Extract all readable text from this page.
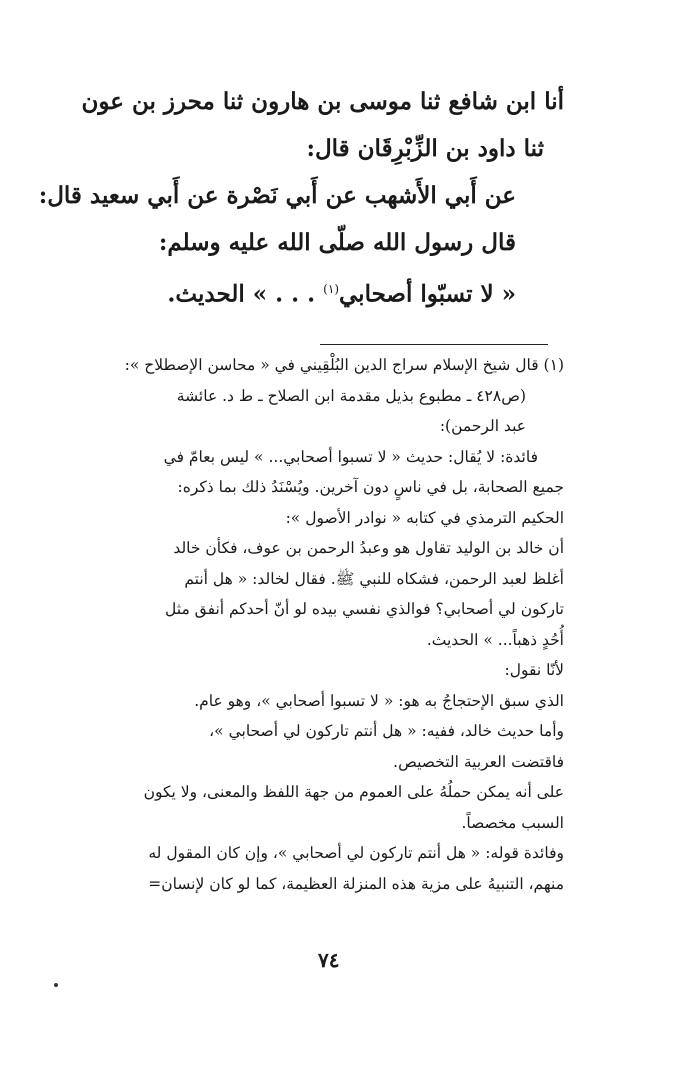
أنا ابن شافع ثنا موسى بن هارون ثنا محرز بن عون
ثنا داود بن الزِّبْرِقَان قال:
عن أَبي الأَشهب عن أَبي نَصْرة عن أَبي سعيد قال:
قال رسول الله صلّى الله عليه وسلم:
« لا تسبّوا أصحابي$^{(١)}$ . . . » الحديث.
(١) قال شيخ الإسلام سراج الدين البُلْقِيني في « محاسن الإصطلاح »:
(ص٤٢٨ ـ مطبوع بذيل مقدمة ابن الصلاح ـ ط د. عائشة
عبد الرحمن):
فائدة: لا يُقال: حديث « لا تسبوا أصحابي... » ليس بعامّ في
جميع الصحابة، بل في ناسٍ دون آخرين. ويُسْنَدُ ذلك بما ذكره:
الحكيم الترمذي في كتابه « نوادر الأصول »:
أن خالد بن الوليد تقاول هو وعبدُ الرحمن بن عوف، فكأن خالد
أغلظ لعبد الرحمن، فشكاه للنبي ﷺ. فقال لخالد: « هل أنتم
تاركون لي أصحابي؟ فوالذي نفسي بيده لو أنّ أحدكم أنفق مثل
أُحُدٍ ذهباً... » الحديث.
لأنّا نقول:
الذي سبق الإحتجاجُ به هو: « لا تسبوا أصحابي »، وهو عام.
وأما حديث خالد، ففيه: « هل أنتم تاركون لي أصحابي »،
فاقتضت العربية التخصيص.
على أنه يمكن حملُهُ على العموم من جهة اللفظ والمعنى، ولا يكون
السبب مخصصاً.
وفائدة قوله: « هل أنتم تاركون لي أصحابي »، وإن كان المقول له
منهم، التنبيهُ على مزية هذه المنزلة العظيمة، كما لو كان لإنسان=
٧٤
